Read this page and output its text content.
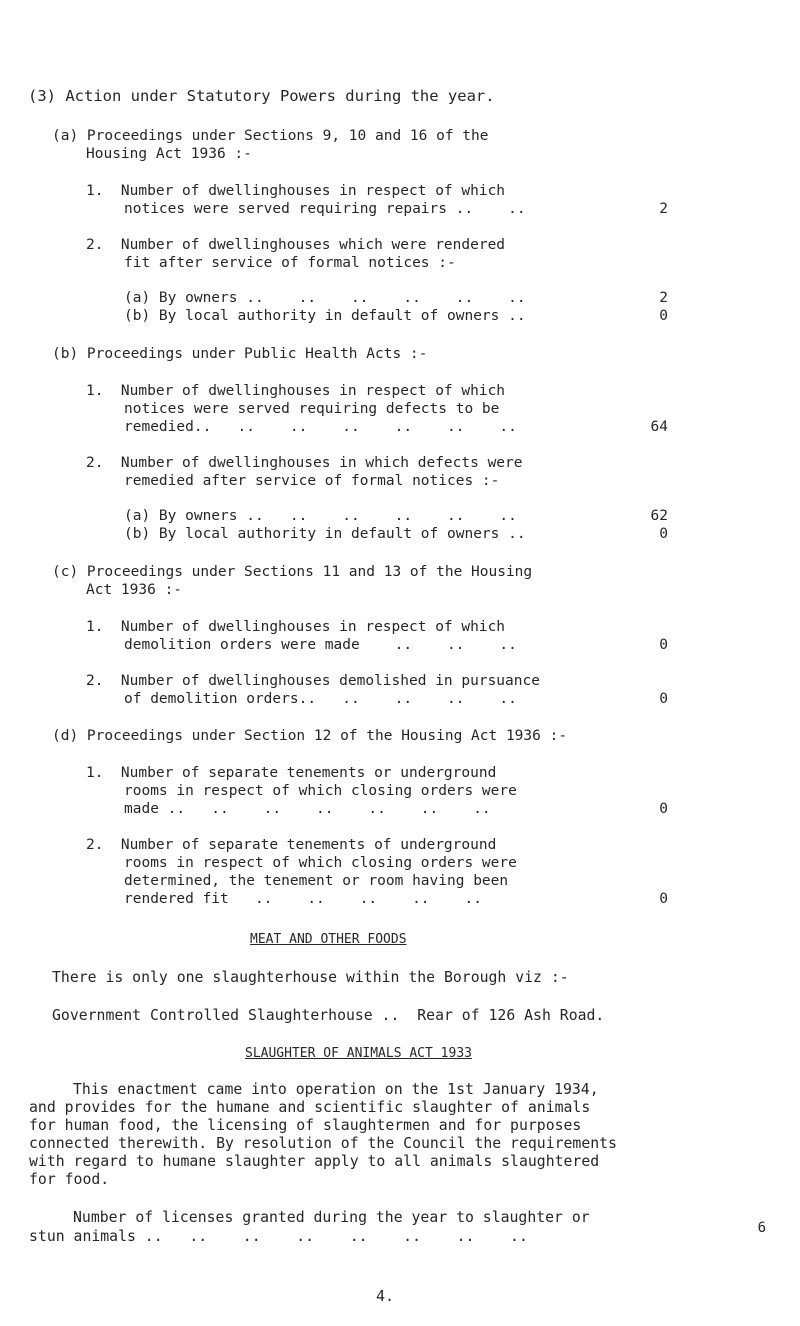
(3) Action under Statutory Powers during the year.
(a) Proceedings under Sections 9, 10 and 16 of the
Housing Act 1936 :-
1.  Number of dwellinghouses in respect of which
notices were served requiring repairs ..    ..	2
2.  Number of dwellinghouses which were rendered
fit after service of formal notices :-
(a) By owners ..    ..    ..    ..    ..    ..	2
(b) By local authority in default of owners ..	0
(b) Proceedings under Public Health Acts :-
1.  Number of dwellinghouses in respect of which
notices were served requiring defects to be
remedied..   ..    ..    ..    ..    ..    ..	64
2.  Number of dwellinghouses in which defects were
remedied after service of formal notices :-
(a) By owners ..   ..    ..    ..    ..    ..	62
(b) By local authority in default of owners ..	0
(c) Proceedings under Sections 11 and 13 of the Housing
Act 1936 :-
1.  Number of dwellinghouses in respect of which
demolition orders were made    ..    ..    ..	0
2.  Number of dwellinghouses demolished in pursuance
of demolition orders..   ..    ..    ..    ..	0
(d) Proceedings under Section 12 of the Housing Act 1936 :-
1.  Number of separate tenements or underground
rooms in respect of which closing orders were
made ..   ..    ..    ..    ..    ..    ..	0
2.  Number of separate tenements of underground
rooms in respect of which closing orders were
determined, the tenement or room having been
rendered fit   ..    ..    ..    ..    ..	0
MEAT AND OTHER FOODS
There is only one slaughterhouse within the Borough viz :-
Government Controlled Slaughterhouse ..  Rear of 126 Ash Road.
SLAUGHTER OF ANIMALS ACT 1933
This enactment came into operation on the 1st January 1934,
and provides for the humane and scientific slaughter of animals
for human food, the licensing of slaughtermen and for purposes
connected therewith. By resolution of the Council the requirements
with regard to humane slaughter apply to all animals slaughtered
for food.
Number of licenses granted during the year to slaughter or
stun animals ..   ..    ..    ..    ..    ..    ..    ..	6
4.
